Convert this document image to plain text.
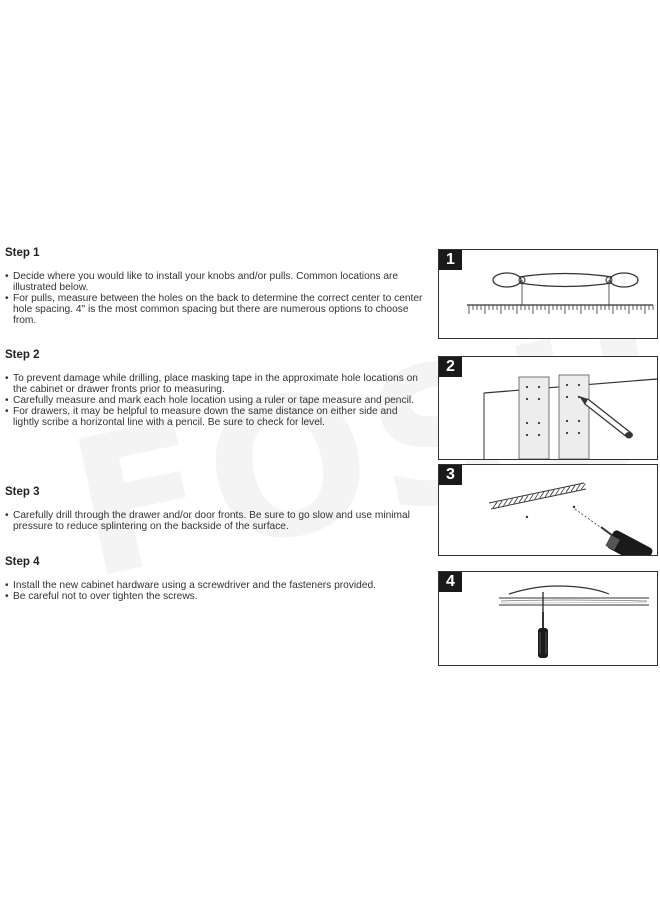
Step 1
• Decide where you would like to install your knobs and/or pulls. Common locations are illustrated below.
• For pulls, measure between the holes on the back to determine the correct center to center hole spacing. 4" is the most common spacing but there are numerous options to choose from.
Step 2
• To prevent damage while drilling, place masking tape in the approximate hole locations on the cabinet or drawer fronts prior to measuring.
• Carefully measure and mark each hole location using a ruler or tape measure and pencil.
• For drawers, it may be helpful to measure down the same distance on either side and lightly scribe a horizontal line with a pencil. Be sure to check for level.
Step 3
• Carefully drill through the drawer and/or door fronts. Be sure to go slow and use minimal pressure to reduce splintering on the backside of the surface.
Step 4
• Install the new cabinet hardware using a screwdriver and the fasteners provided.
• Be careful not to over tighten the screws.
1
2
3
4
